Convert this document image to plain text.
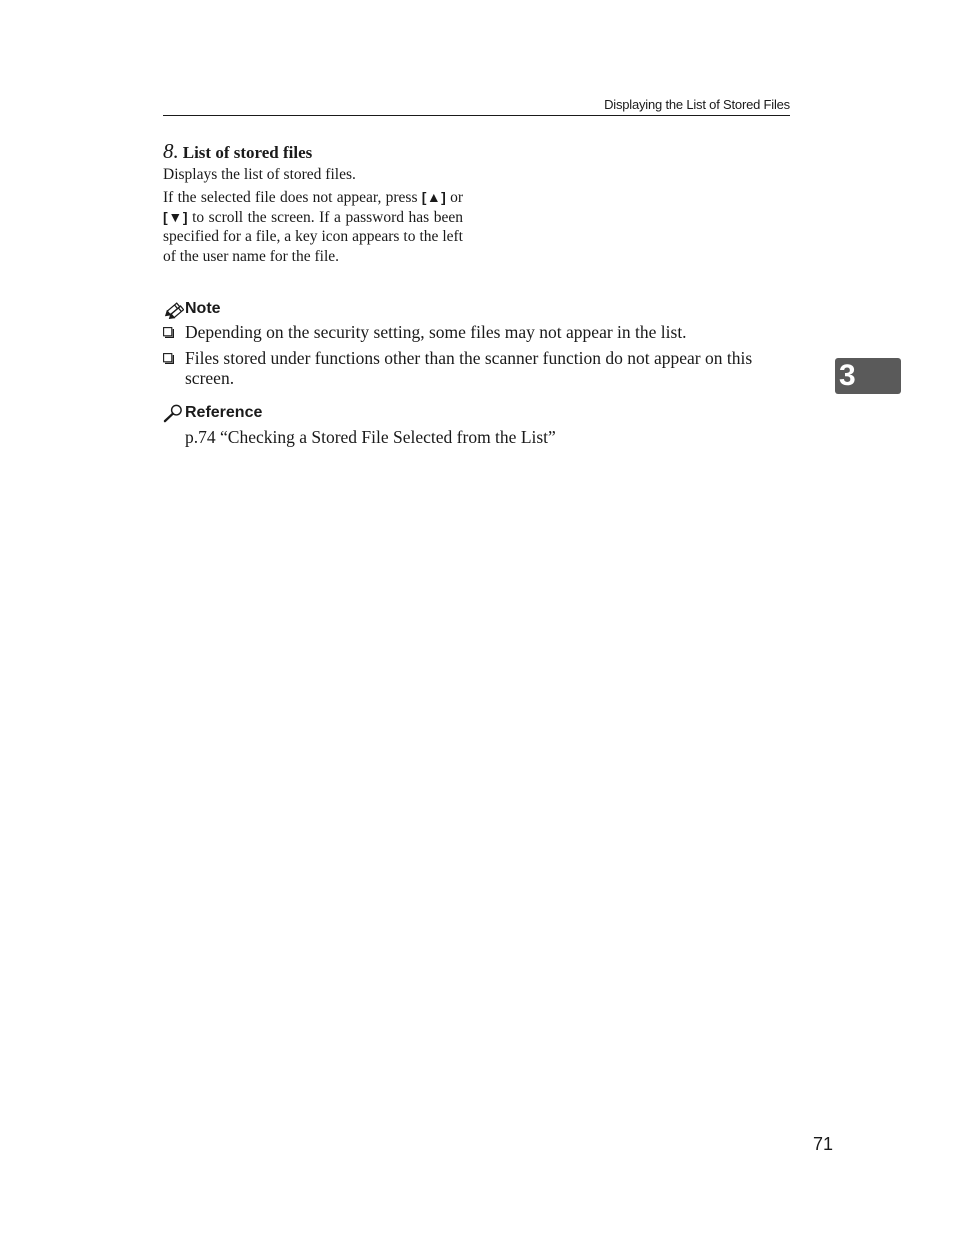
Displaying the List of Stored Files
8. List of stored files
Displays the list of stored files.
If the selected file does not appear, press [▲] or [▼] to scroll the screen. If a password has been specified for a file, a key icon appears to the left of the user name for the file.
Note
Depending on the security setting, some files may not appear in the list.
Files stored under functions other than the scanner function do not appear on this screen.
Reference
p.74 “Checking a Stored File Selected from the List”
3
71
